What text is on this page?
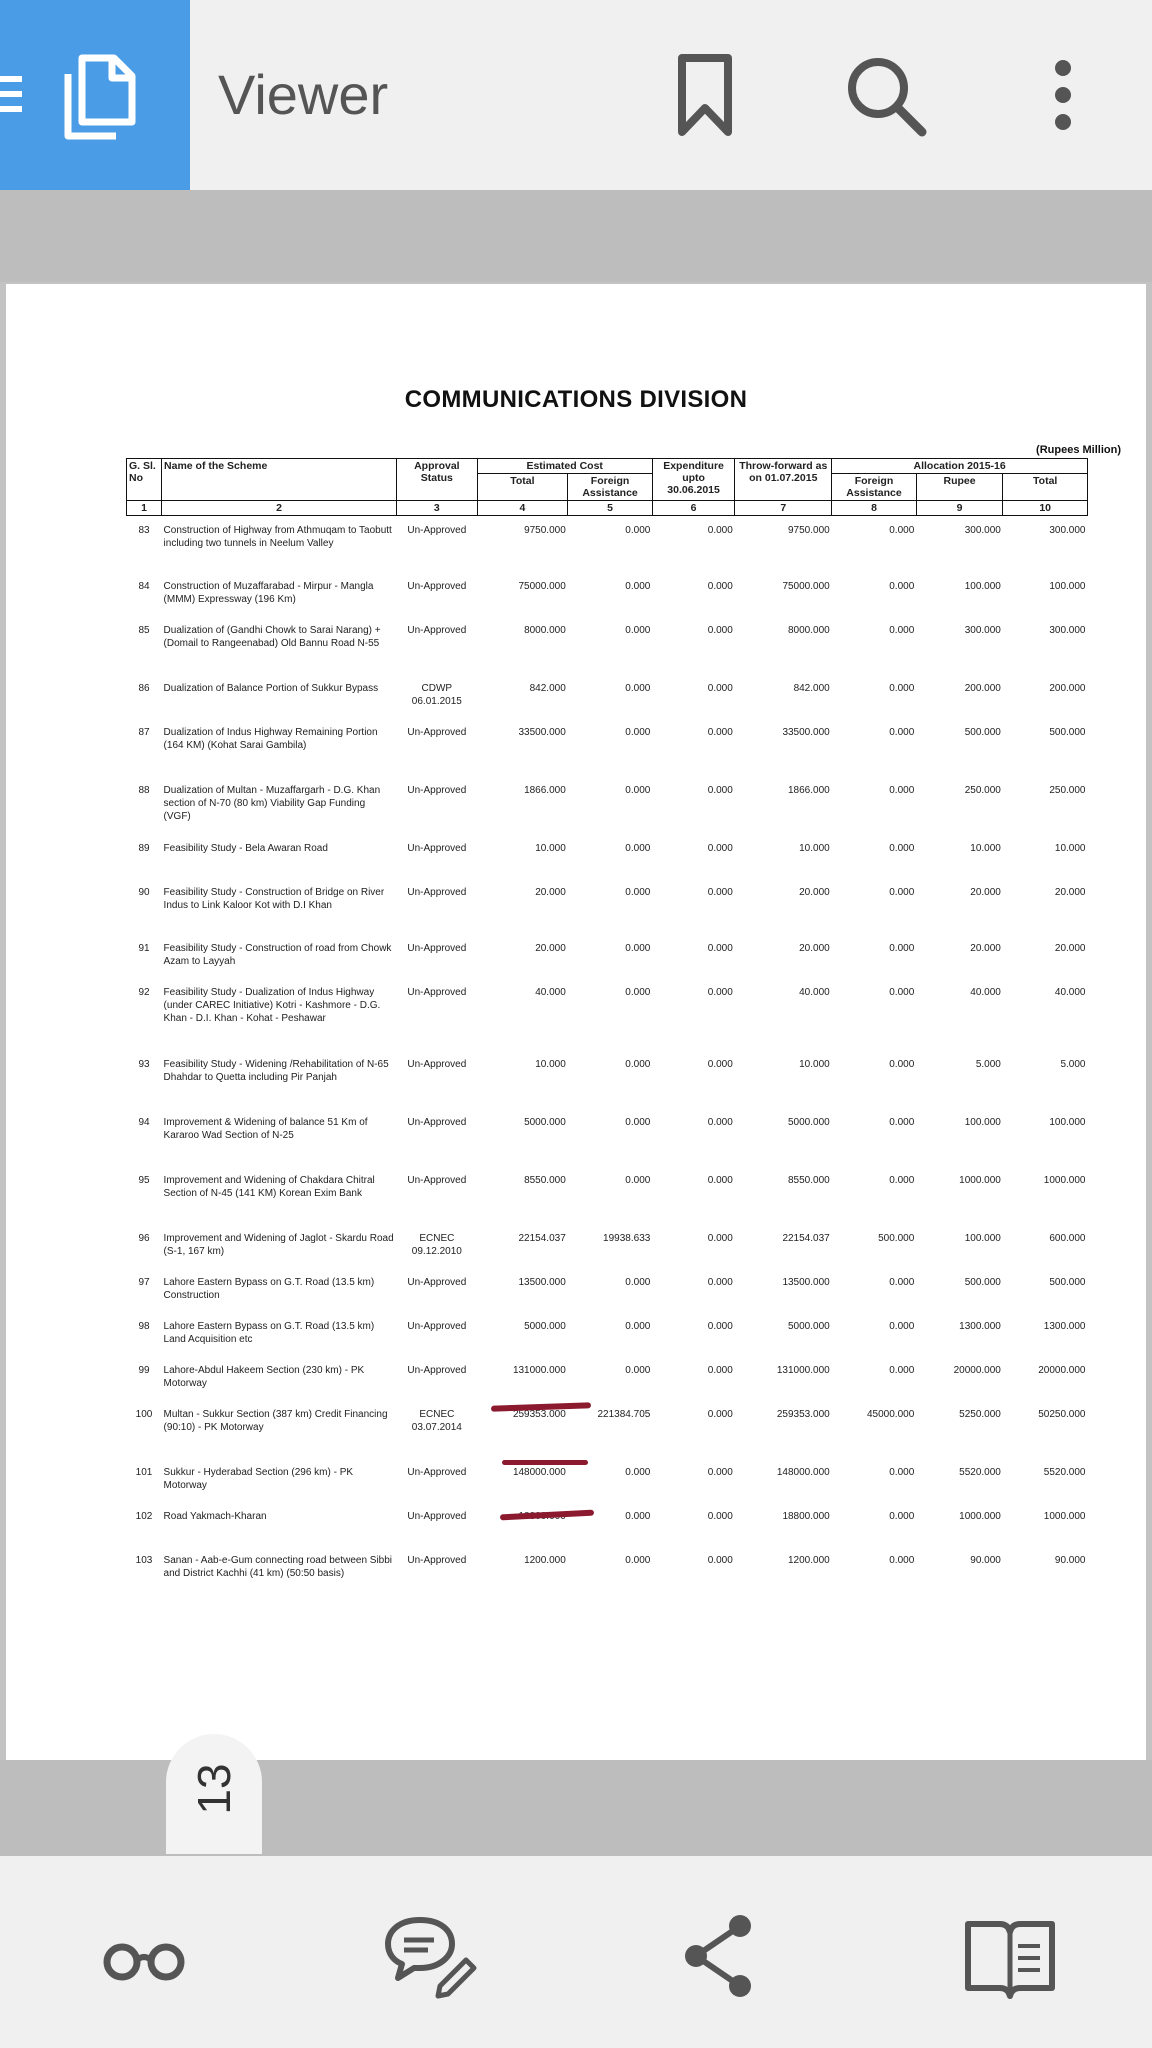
Viewer
COMMUNICATIONS DIVISION
(Rupees Million)
G. Sl. No	Name of the Scheme	Approval Status	Estimated Cost		Expenditure upto 30.06.2015	Throw-forward as on 01.07.2015	Allocation 2015-16		
			Total	Foreign Assistance			Foreign Assistance	Rupee	Total
1	2	3	4	5	6	7	8	9	10

83	Construction of Highway from Athmuqam to Taobutt including two tunnels in Neelum Valley	Un-Approved	9750.000	0.000	0.000	9750.000	0.000	300.000	300.000
84	Construction of Muzaffarabad - Mirpur - Mangla (MMM) Expressway (196 Km)	Un-Approved	75000.000	0.000	0.000	75000.000	0.000	100.000	100.000
85	Dualization of (Gandhi Chowk to Sarai Narang) + (Domail to Rangeenabad) Old Bannu Road N-55	Un-Approved	8000.000	0.000	0.000	8000.000	0.000	300.000	300.000
86	Dualization of Balance Portion of Sukkur Bypass	CDWP 06.01.2015	842.000	0.000	0.000	842.000	0.000	200.000	200.000
87	Dualization of Indus Highway Remaining Portion (164 KM) (Kohat Sarai Gambila)	Un-Approved	33500.000	0.000	0.000	33500.000	0.000	500.000	500.000
88	Dualization of Multan - Muzaffargarh - D.G. Khan section of N-70 (80 km) Viability Gap Funding (VGF)	Un-Approved	1866.000	0.000	0.000	1866.000	0.000	250.000	250.000
89	Feasibility Study - Bela Awaran Road	Un-Approved	10.000	0.000	0.000	10.000	0.000	10.000	10.000
90	Feasibility Study - Construction of Bridge on River Indus to Link Kaloor Kot with D.I Khan	Un-Approved	20.000	0.000	0.000	20.000	0.000	20.000	20.000
91	Feasibility Study - Construction of road from Chowk Azam to Layyah	Un-Approved	20.000	0.000	0.000	20.000	0.000	20.000	20.000
92	Feasibility Study - Dualization of Indus Highway (under CAREC Initiative) Kotri - Kashmore - D.G. Khan - D.I. Khan - Kohat - Peshawar	Un-Approved	40.000	0.000	0.000	40.000	0.000	40.000	40.000
93	Feasibility Study - Widening /Rehabilitation of N-65 Dhahdar to Quetta including Pir Panjah	Un-Approved	10.000	0.000	0.000	10.000	0.000	5.000	5.000
94	Improvement & Widening of balance 51 Km of Kararoo Wad Section of N-25	Un-Approved	5000.000	0.000	0.000	5000.000	0.000	100.000	100.000
95	Improvement and Widening of Chakdara Chitral Section of N-45 (141 KM) Korean Exim Bank	Un-Approved	8550.000	0.000	0.000	8550.000	0.000	1000.000	1000.000
96	Improvement and Widening of Jaglot - Skardu Road (S-1, 167 km)	ECNEC 09.12.2010	22154.037	19938.633	0.000	22154.037	500.000	100.000	600.000
97	Lahore Eastern Bypass on G.T. Road (13.5 km) Construction	Un-Approved	13500.000	0.000	0.000	13500.000	0.000	500.000	500.000
98	Lahore Eastern Bypass on G.T. Road (13.5 km) Land Acquisition etc	Un-Approved	5000.000	0.000	0.000	5000.000	0.000	1300.000	1300.000
99	Lahore-Abdul Hakeem Section (230 km) - PK Motorway	Un-Approved	131000.000	0.000	0.000	131000.000	0.000	20000.000	20000.000
100	Multan - Sukkur Section (387 km) Credit Financing (90:10) - PK Motorway	ECNEC 03.07.2014	259353.000	221384.705	0.000	259353.000	45000.000	5250.000	50250.000
101	Sukkur - Hyderabad Section (296 km) - PK Motorway	Un-Approved	148000.000	0.000	0.000	148000.000	0.000	5520.000	5520.000
102	Road Yakmach-Kharan	Un-Approved		0.000	0.000	18800.000	0.000	1000.000	1000.000
103	Sanan - Aab-e-Gum connecting road between Sibbi and District Kachhi (41 km) (50:50 basis)	Un-Approved	1200.000	0.000	0.000	1200.000	0.000	90.000	90.000
13
